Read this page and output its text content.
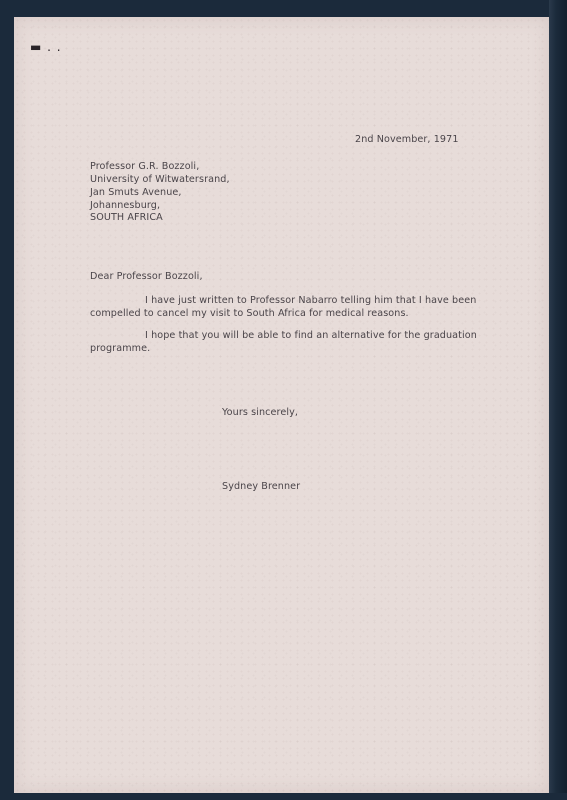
▬ . .
2nd November, 1971
Professor G.R. Bozzoli,
University of Witwatersrand,
Jan Smuts Avenue,
Johannesburg,
SOUTH AFRICA
Dear Professor Bozzoli,
I have just written to Professor Nabarro telling him that I have been
compelled to cancel my visit to South Africa for medical reasons.
I hope that you will be able to find an alternative for the graduation
programme.
Yours sincerely,
Sydney Brenner
